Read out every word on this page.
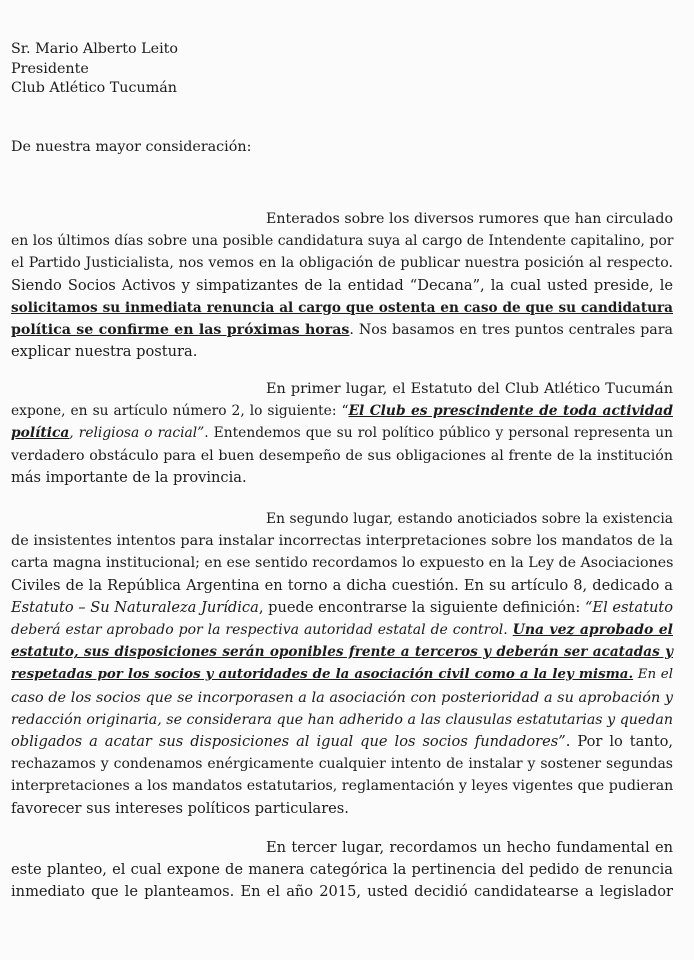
Sr. Mario Alberto Leito
Presidente
Club Atlético Tucumán
De nuestra mayor consideración:
Enterados sobre los diversos rumores que han circulado
en los últimos días sobre una posible candidatura suya al cargo de Intendente capitalino, por
el Partido Justicialista, nos vemos en la obligación de publicar nuestra posición al respecto.
Siendo Socios Activos y simpatizantes de la entidad “Decana”, la cual usted preside, le
solicitamos su inmediata renuncia al cargo que ostenta en caso de que su candidatura
política se confirme en las próximas horas. Nos basamos en tres puntos centrales para
explicar nuestra postura.
En primer lugar, el Estatuto del Club Atlético Tucumán
expone, en su artículo número 2, lo siguiente: “El Club es prescindente de toda actividad
política, religiosa o racial”. Entendemos que su rol político público y personal representa un
verdadero obstáculo para el buen desempeño de sus obligaciones al frente de la institución
más importante de la provincia.
En segundo lugar, estando anoticiados sobre la existencia
de insistentes intentos para instalar incorrectas interpretaciones sobre los mandatos de la
carta magna institucional; en ese sentido recordamos lo expuesto en la Ley de Asociaciones
Civiles de la República Argentina en torno a dicha cuestión. En su artículo 8, dedicado a
Estatuto – Su Naturaleza Jurídica, puede encontrarse la siguiente definición: “El estatuto
deberá estar aprobado por la respectiva autoridad estatal de control. Una vez aprobado el
estatuto, sus disposiciones serán oponibles frente a terceros y deberán ser acatadas y
respetadas por los socios y autoridades de la asociación civil como a la ley misma. En el
caso de los socios que se incorporasen a la asociación con posterioridad a su aprobación y
redacción originaria, se considerara que han adherido a las clausulas estatutarias y quedan
obligados a acatar sus disposiciones al igual que los socios fundadores”. Por lo tanto,
rechazamos y condenamos enérgicamente cualquier intento de instalar y sostener segundas
interpretaciones a los mandatos estatutarios, reglamentación y leyes vigentes que pudieran
favorecer sus intereses políticos particulares.
En tercer lugar, recordamos un hecho fundamental en
este planteo, el cual expone de manera categórica la pertinencia del pedido de renuncia
inmediato que le planteamos. En el año 2015, usted decidió candidatearse a legislador
